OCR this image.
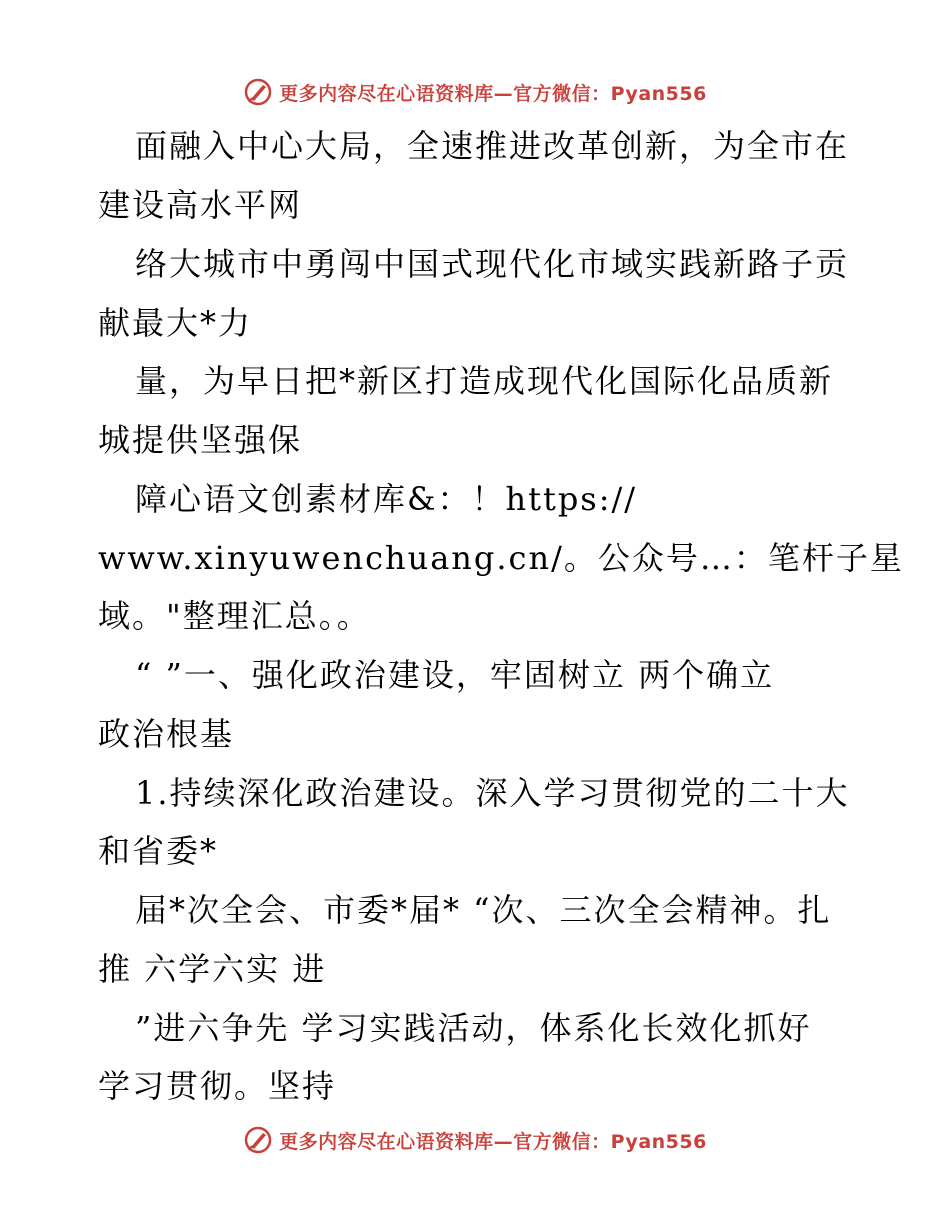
更多内容尽在心语资料库—官方微信：Pyan556
面融入中心大局，全速推进改革创新，为全市在
建设高水平网
络大城市中勇闯中国式现代化市域实践新路子贡
献最大*力
量，为早日把*新区打造成现代化国际化品质新
城提供坚强保
障心语文创素材库&：！https://
www.xinyuwenchuang.cn/。公众号…：笔杆子星
域。"整理汇总。。
“ ”一、强化政治建设，牢固树立 两个确立
政治根基
1.持续深化政治建设。深入学习贯彻党的二十大
和省委*
届*次全会、市委*届* “次、三次全会精神。扎
推 六学六实 进
”进六争先 学习实践活动，体系化长效化抓好
学习贯彻。坚持
更多内容尽在心语资料库—官方微信：Pyan556
